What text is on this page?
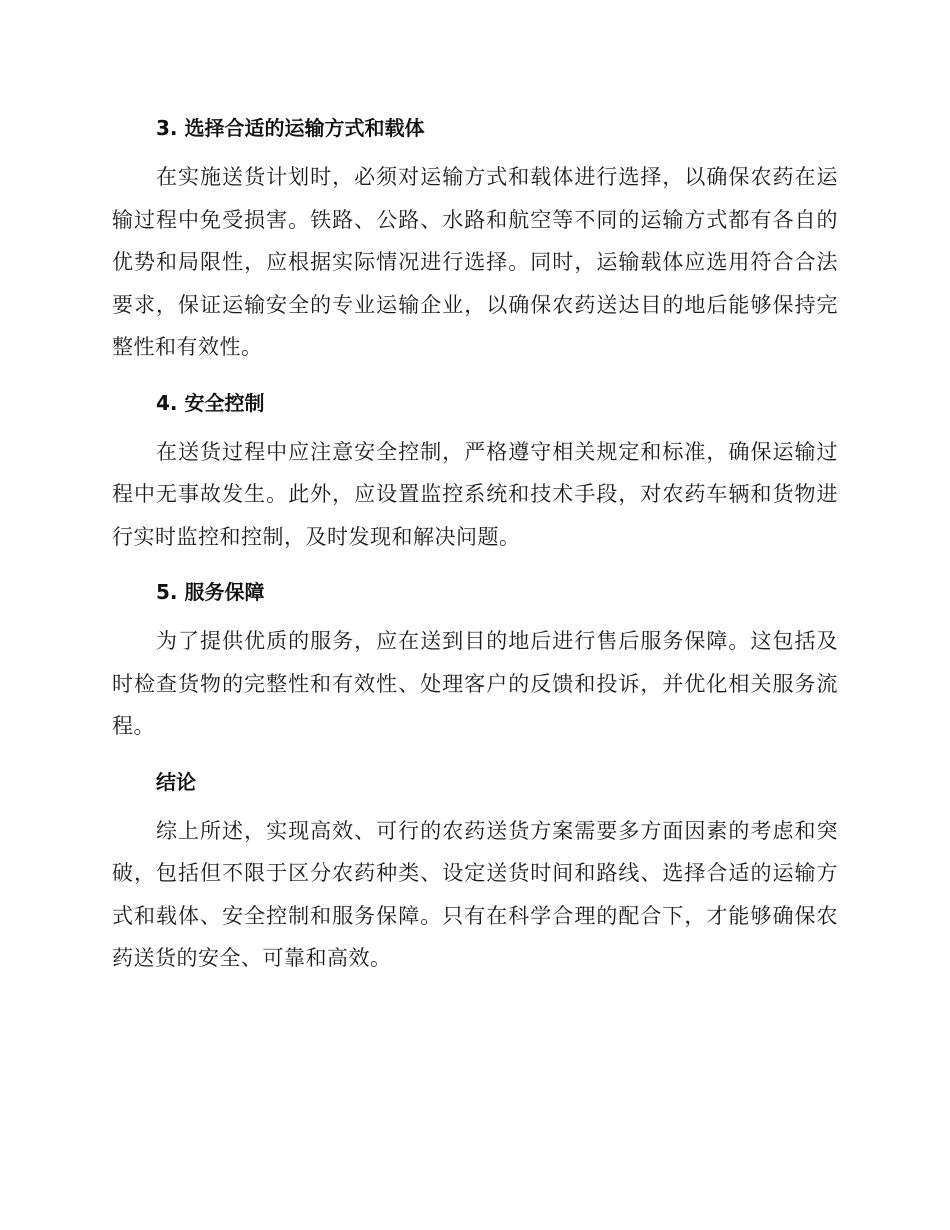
3. 选择合适的运输方式和载体

在实施送货计划时，必须对运输方式和载体进行选择，以确保农药在运输过程中免受损害。铁路、公路、水路和航空等不同的运输方式都有各自的优势和局限性，应根据实际情况进行选择。同时，运输载体应选用符合合法要求，保证运输安全的专业运输企业，以确保农药送达目的地后能够保持完整性和有效性。

4. 安全控制

在送货过程中应注意安全控制，严格遵守相关规定和标准，确保运输过程中无事故发生。此外，应设置监控系统和技术手段，对农药车辆和货物进行实时监控和控制，及时发现和解决问题。

5. 服务保障

为了提供优质的服务，应在送到目的地后进行售后服务保障。这包括及时检查货物的完整性和有效性、处理客户的反馈和投诉，并优化相关服务流程。

结论

综上所述，实现高效、可行的农药送货方案需要多方面因素的考虑和突破，包括但不限于区分农药种类、设定送货时间和路线、选择合适的运输方式和载体、安全控制和服务保障。只有在科学合理的配合下，才能够确保农药送货的安全、可靠和高效。
